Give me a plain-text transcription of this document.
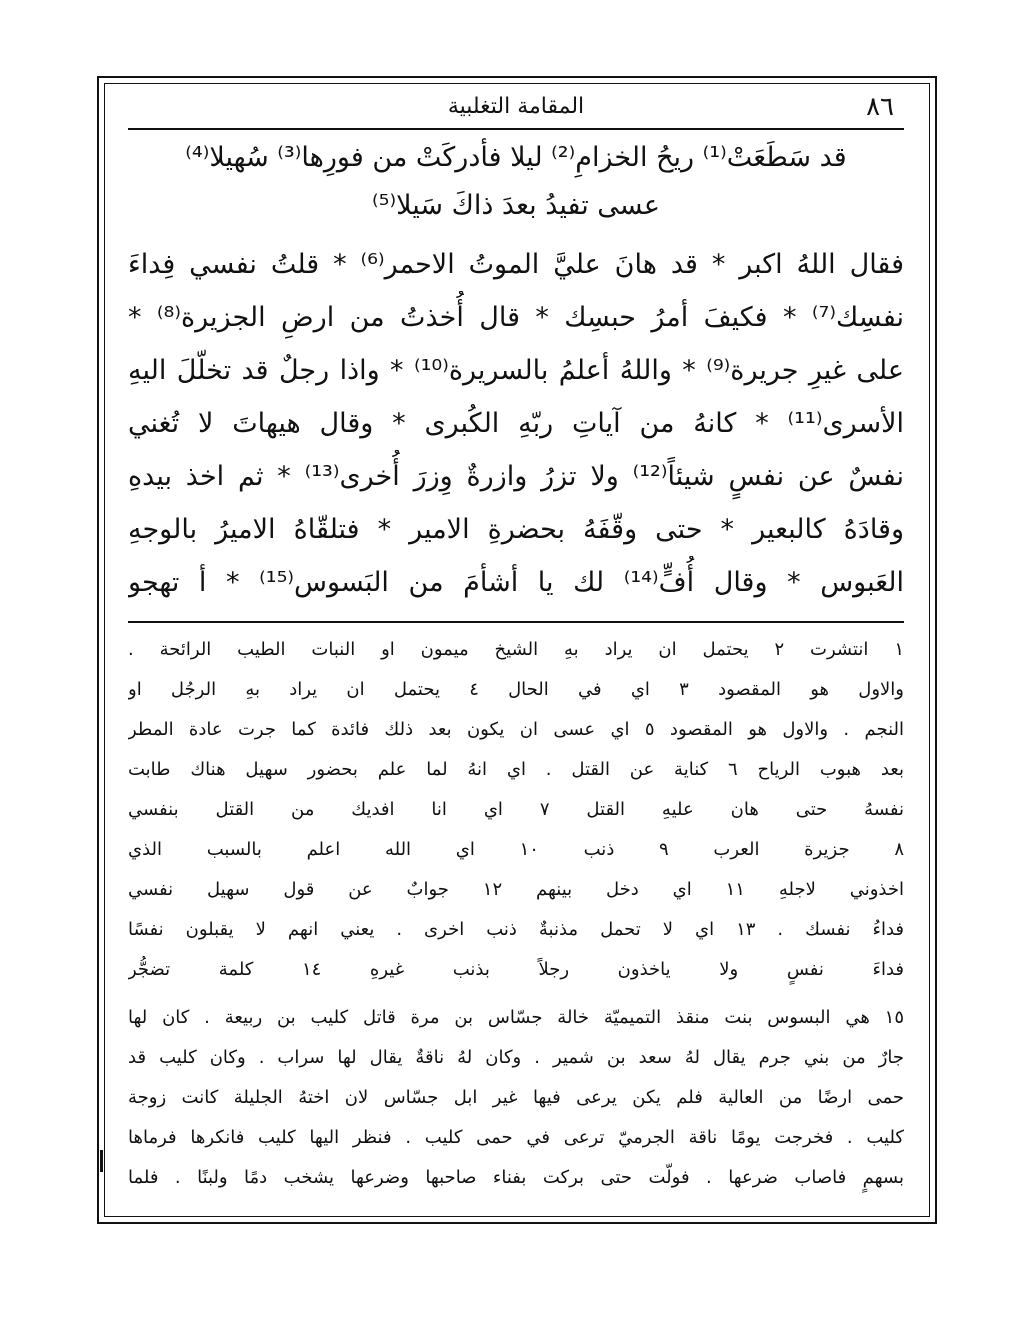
٨٦
المقامة التغلبية
قد سَطَعَتْ⁽¹⁾ ريحُ الخزامِ⁽²⁾ ليلا فأدركَتْ من فورِها⁽³⁾ سُهيلا⁽⁴⁾
عسى تفيدُ بعدَ ذاكَ سَيلا⁽⁵⁾
فقال اللهُ اكبر * قد هانَ عليَّ الموتُ الاحمر⁽⁶⁾ * قلتُ نفسي فِداءَ
نفسِك⁽⁷⁾ * فكيفَ أمرُ حبسِك * قال أُخذتُ من ارضِ الجزيرة⁽⁸⁾ *
على غيرِ جريرة⁽⁹⁾ * واللهُ أعلمُ بالسريرة⁽¹⁰⁾ * واذا رجلٌ قد تخلّلَ اليهِ
الأسرى⁽¹¹⁾ * كانهُ من آياتِ ربّهِ الكُبرى * وقال هيهاتَ لا تُغني
نفسٌ عن نفسٍ شيئاً⁽¹²⁾ ولا تزرُ وازرةٌ وِزرَ أُخرى⁽¹³⁾ * ثم اخذ بيدهِ
وقادَهُ كالبعير * حتى وقّفَهُ بحضرةِ الامير * فتلقّاهُ الاميرُ بالوجهِ
العَبوس * وقال أُفٍّ⁽¹⁴⁾ لك يا أشأمَ من البَسوس⁽¹⁵⁾ * أ تهجو
١ انتشرت ٢ يحتمل ان يراد بهِ الشيخ ميمون او النبات الطيب الرائحة .
والاول هو المقصود ٣ اي في الحال ٤ يحتمل ان يراد بهِ الرجُل او
النجم . والاول هو المقصود ٥ اي عسى ان يكون بعد ذلك فائدة كما جرت عادة المطر
بعد هبوب الرياح ٦ كناية عن القتل . اي انهُ لما علم بحضور سهيل هناك طابت
نفسهُ حتى هان عليهِ القتل ٧ اي انا افديك من القتل بنفسي
٨ جزيرة العرب ٩ ذنب ١٠ اي الله اعلم بالسبب الذي
اخذوني لاجلهِ ١١ اي دخل بينهم ١٢ جوابٌ عن قول سهيل نفسي
فداءُ نفسك . ١٣ اي لا تحمل مذنبةٌ ذنب اخرى . يعني انهم لا يقبلون نفسًا
فداءَ نفسٍ ولا ياخذون رجلاً بذنب غيرهِ ١٤ كلمة تضجُّر
١٥ هي البسوس بنت منقذ التميميّة خالة جسّاس بن مرة قاتل كليب بن ربيعة . كان لها
جارٌ من بني جرم يقال لهُ سعد بن شمير . وكان لهُ ناقةٌ يقال لها سراب . وكان كليب قد
حمى ارضًا من العالية فلم يكن يرعى فيها غير ابل جسّاس لان اختهُ الجليلة كانت زوجة
كليب . فخرجت يومًا ناقة الجرميّ ترعى في حمى كليب . فنظر اليها كليب فانكرها فرماها
بسهمٍ فاصاب ضرعها . فولّت حتى بركت بفناء صاحبها وضرعها يشخب دمًا ولبنًا . فلما
